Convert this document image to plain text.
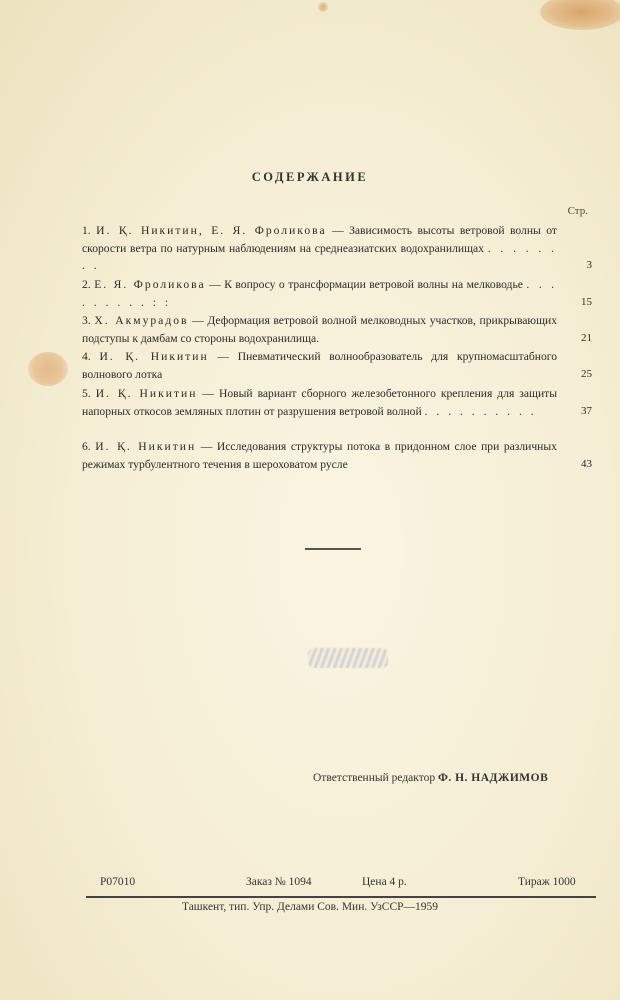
СОДЕРЖАНИЕ
Стр.
1. И. Қ. Никитин, Е. Я. Фроликова — Зависимость высоты ветровой волны от скорости ветра по натурным наблюдениям на среднеазиатских водохранилищах . . . . . . . .	3
2. Е. Я. Фроликова — К вопросу о трансформации ветровой волны на мелководье . . . . . . . . . : :	15
3. Х. Акмурадов — Деформация ветровой волной мелководных участков, прикрывающих подступы к дамбам со стороны водохранилища.	21
4. И. Қ. Никитин — Пневматический волнообразователь для крупномасштабного волнового лотка	25
5. И. Қ. Никитин — Новый вариант сборного железобетонного крепления для защиты напорных откосов земляных плотин от разрушения ветровой волной . . . . . . . . . .	37
6. И. Қ. Никитин — Исследования структуры потока в придонном слое при различных режимах турбулентного течения в шероховатом русле	43
Ответственный редактор Ф. Н. НАДЖИМОВ
Р07010	Заказ № 1094	Цена 4 р.	Тираж 1000
Ташкент, тип. Упр. Делами Сов. Мин. УзССР—1959
